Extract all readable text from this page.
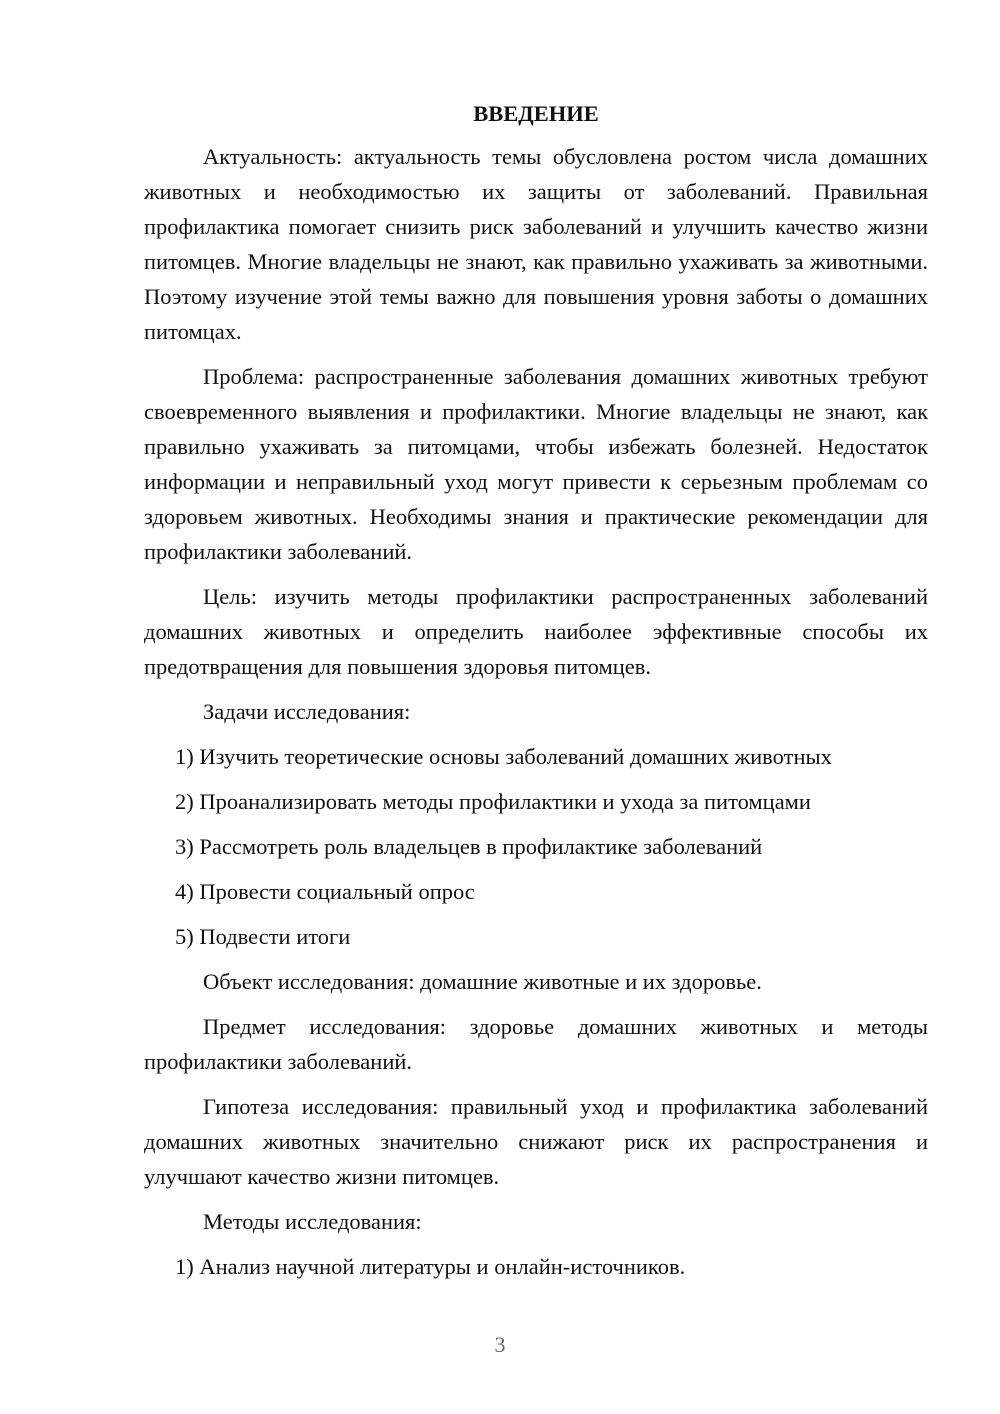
ВВЕДЕНИЕ

Актуальность: актуальность темы обусловлена ростом числа домашних животных и необходимостью их защиты от заболеваний. Правильная профилактика помогает снизить риск заболеваний и улучшить качество жизни питомцев. Многие владельцы не знают, как правильно ухаживать за животными. Поэтому изучение этой темы важно для повышения уровня заботы о домашних питомцах.

Проблема: распространенные заболевания домашних животных требуют своевременного выявления и профилактики. Многие владельцы не знают, как правильно ухаживать за питомцами, чтобы избежать болезней. Недостаток информации и неправильный уход могут привести к серьезным проблемам со здоровьем животных. Необходимы знания и практические рекомендации для профилактики заболеваний.

Цель: изучить методы профилактики распространенных заболеваний домашних животных и определить наиболее эффективные способы их предотвращения для повышения здоровья питомцев.

Задачи исследования:

1) Изучить теоретические основы заболеваний домашних животных

2) Проанализировать методы профилактики и ухода за питомцами

3) Рассмотреть роль владельцев в профилактике заболеваний

4) Провести социальный опрос

5) Подвести итоги

Объект исследования: домашние животные и их здоровье.

Предмет исследования: здоровье домашних животных и методы профилактики заболеваний.

Гипотеза исследования: правильный уход и профилактика заболеваний домашних животных значительно снижают риск их распространения и улучшают качество жизни питомцев.

Методы исследования:

1) Анализ научной литературы и онлайн-источников.

3
